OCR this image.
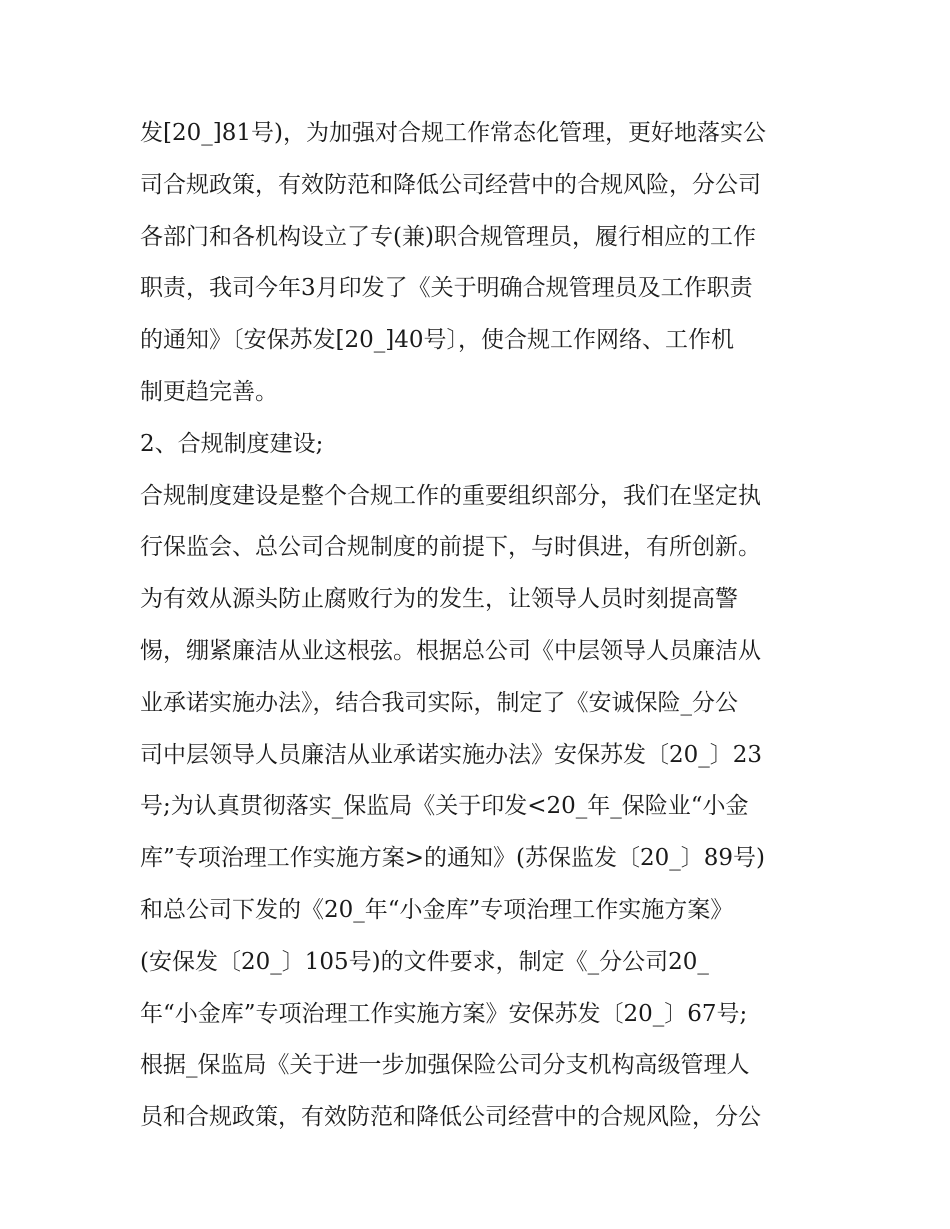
发[20_]81号)，为加强对合规工作常态化管理，更好地落实公
司合规政策，有效防范和降低公司经营中的合规风险，分公司
各部门和各机构设立了专(兼)职合规管理员，履行相应的工作
职责，我司今年3月印发了《关于明确合规管理员及工作职责
的通知》〔安保苏发[20_]40号〕，使合规工作网络、工作机
制更趋完善。
2、合规制度建设;
合规制度建设是整个合规工作的重要组织部分，我们在坚定执
行保监会、总公司合规制度的前提下，与时俱进，有所创新。
为有效从源头防止腐败行为的发生，让领导人员时刻提高警
惕，绷紧廉洁从业这根弦。根据总公司《中层领导人员廉洁从
业承诺实施办法》，结合我司实际，制定了《安诚保险_分公
司中层领导人员廉洁从业承诺实施办法》安保苏发〔20_〕23
号;为认真贯彻落实_保监局《关于印发<20_年_保险业“小金
库”专项治理工作实施方案>的通知》(苏保监发〔20_〕89号)
和总公司下发的《20_年“小金库”专项治理工作实施方案》
(安保发〔20_〕105号)的文件要求，制定《_分公司20_
年“小金库”专项治理工作实施方案》安保苏发〔20_〕67号;
根据_保监局《关于进一步加强保险公司分支机构高级管理人
员和合规政策，有效防范和降低公司经营中的合规风险，分公
